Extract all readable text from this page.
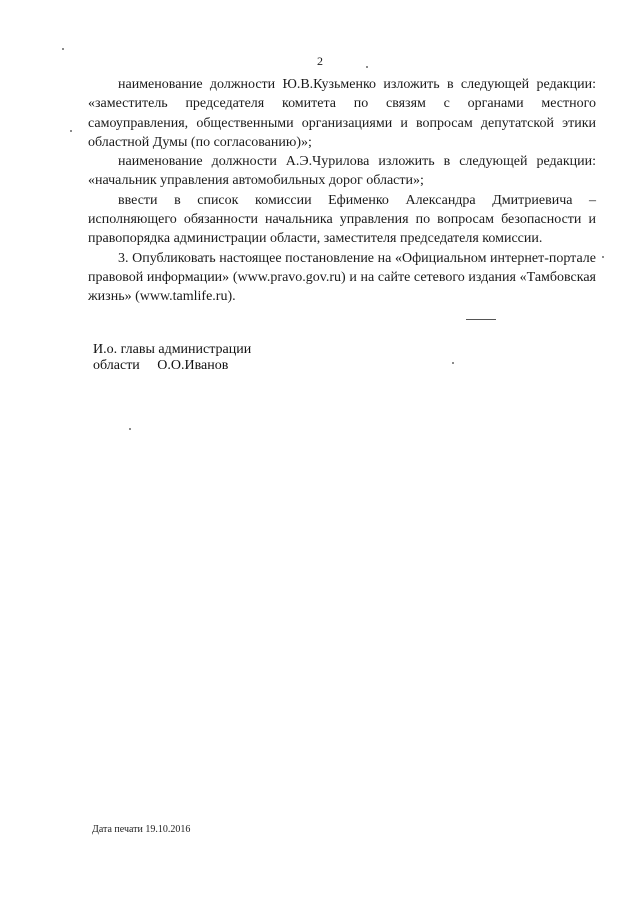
2

наименование должности Ю.В.Кузьменко изложить в следующей редакции: «заместитель председателя комитета по связям с органами местного самоуправления, общественными организациями и вопросам депутатской этики областной Думы (по согласованию)»;

наименование должности А.Э.Чурилова изложить в следующей редакции: «начальник управления автомобильных дорог области»;

ввести в список комиссии Ефименко Александра Дмитриевича – исполняющего обязанности начальника управления по вопросам безопасности и правопорядка администрации области, заместителя председателя комиссии.

3. Опубликовать настоящее постановление на «Официальном интернет-портале правовой информации» (www.pravo.gov.ru) и на сайте сетевого издания «Тамбовская жизнь» (www.tamlife.ru).

И.о. главы администрации
области     О.О.Иванов
Дата печати 19.10.2016
